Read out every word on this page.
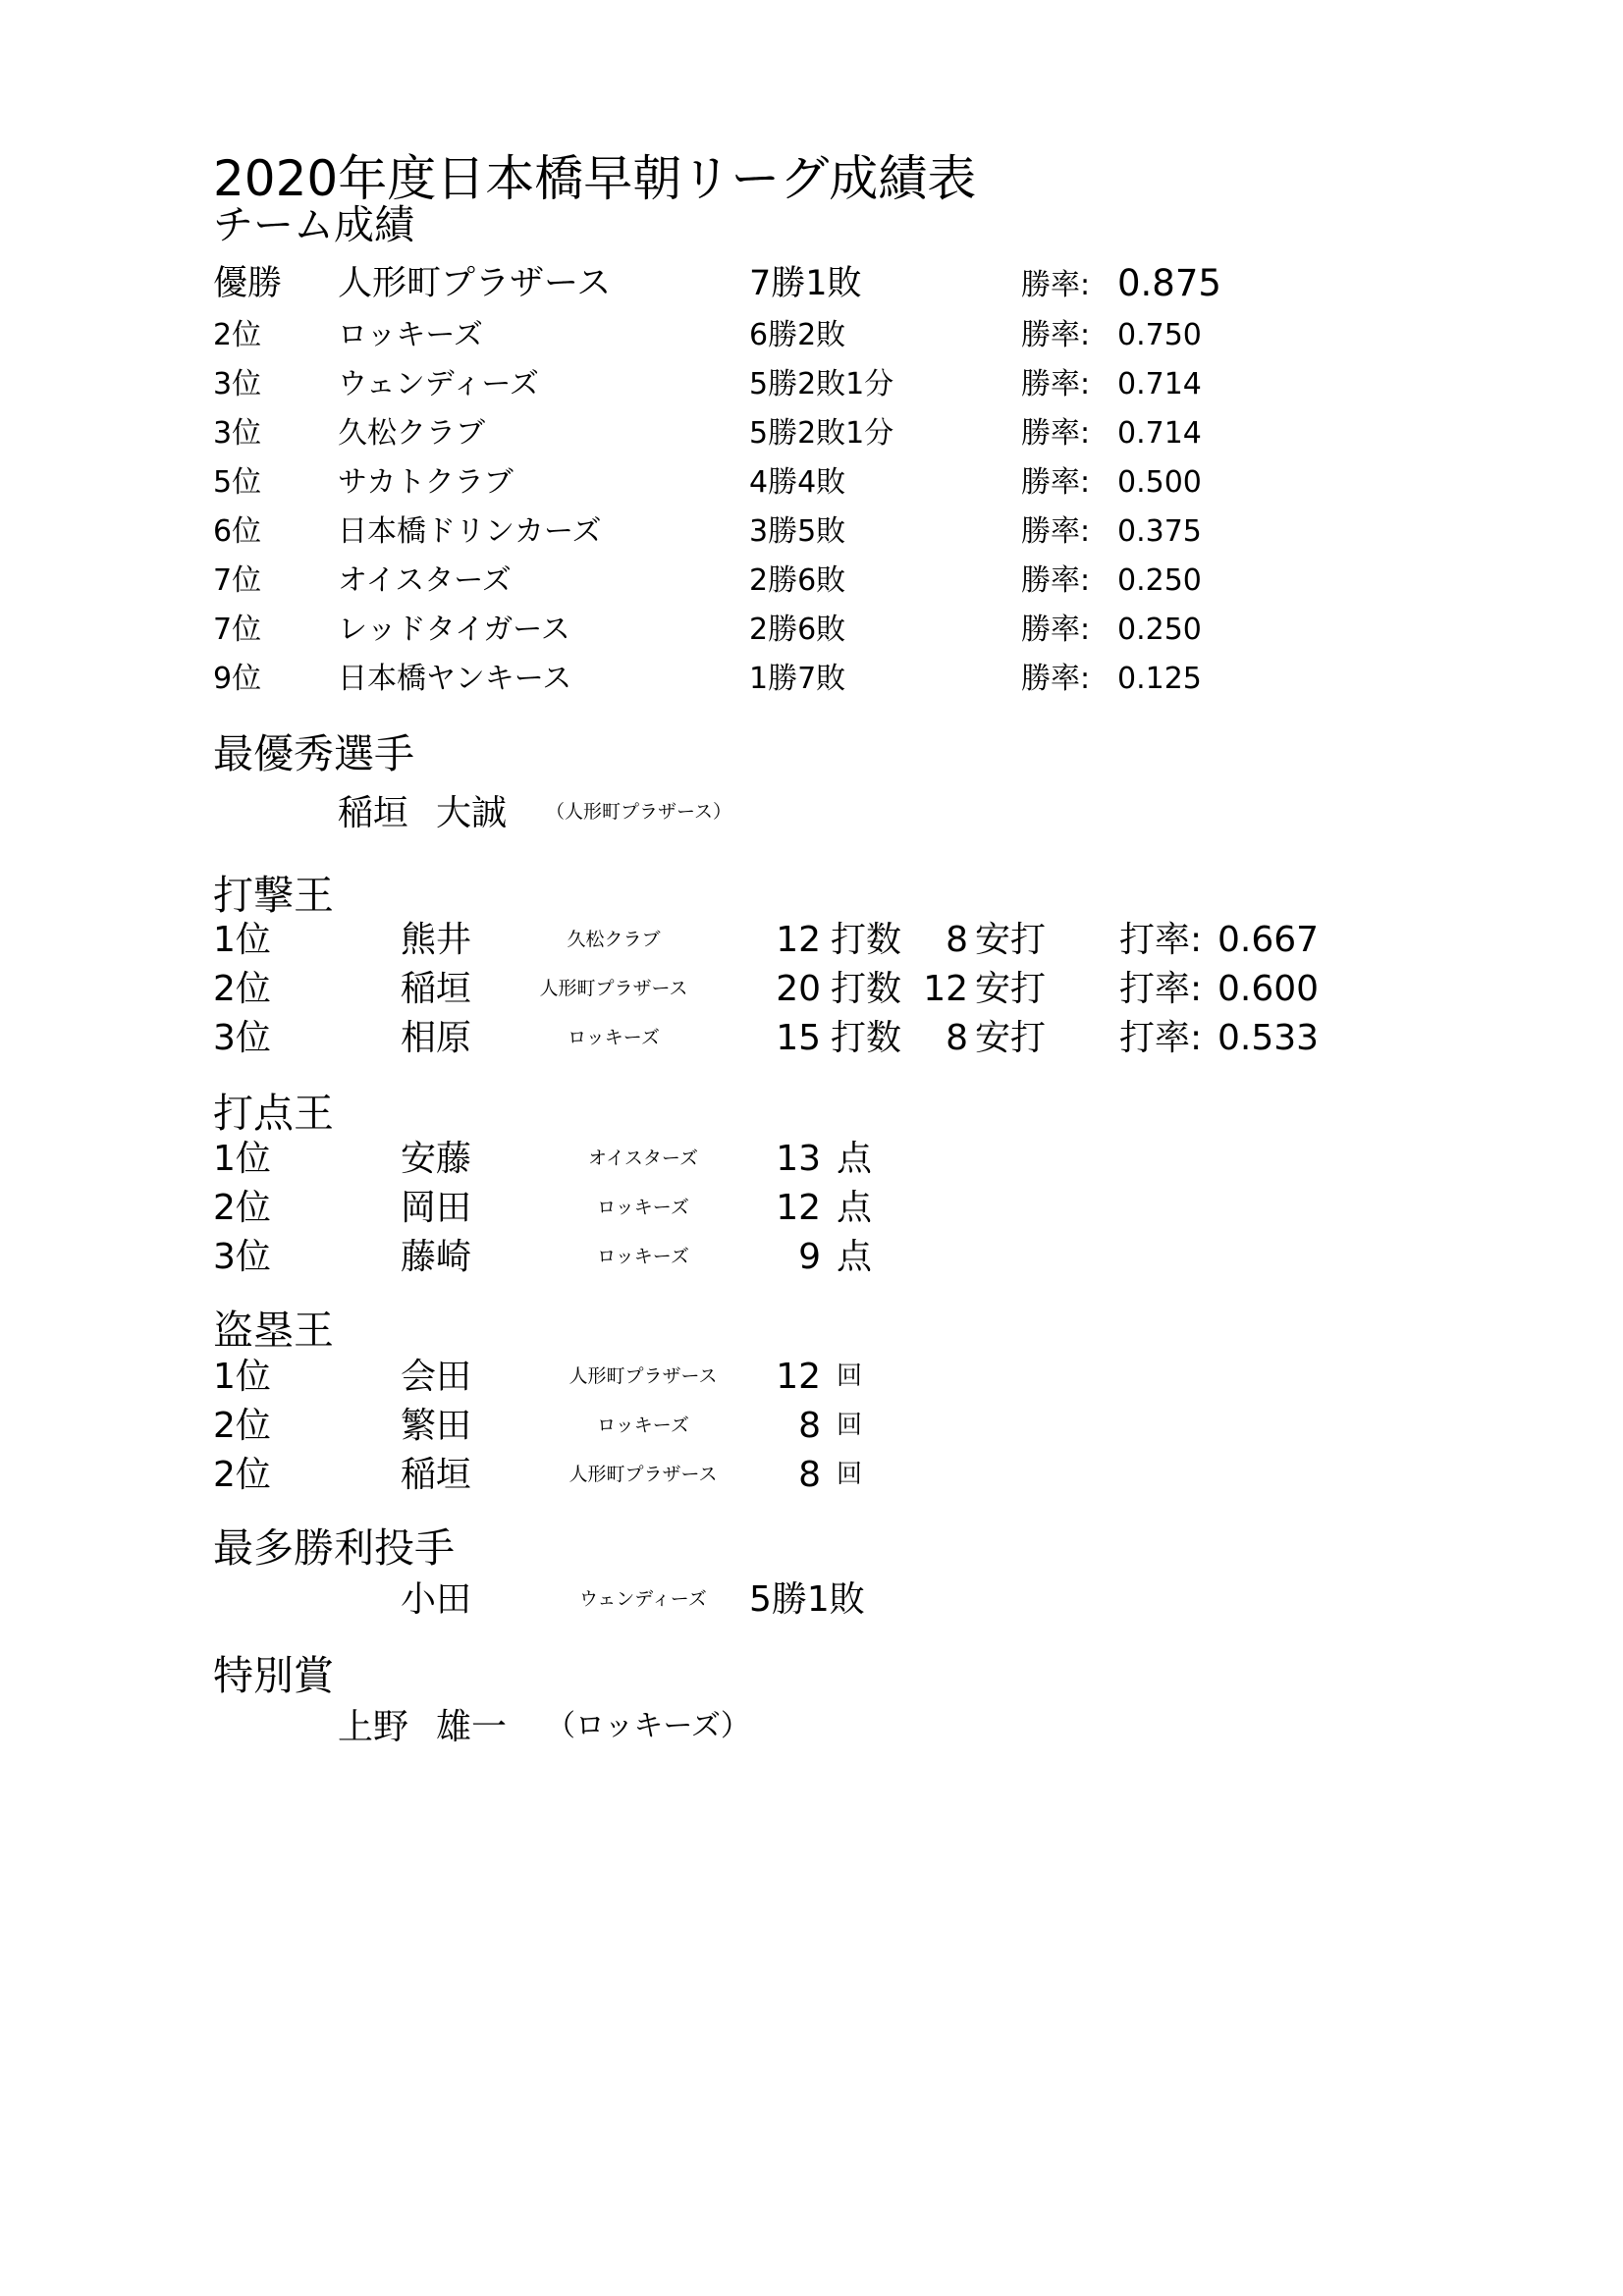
2020年度日本橋早朝リーグ成績表
チーム成績
優勝 人形町プラザース	7勝1敗	勝率: 0.875
2位	ロッキーズ	6勝2敗	勝率: 0.750
3位	ウェンディーズ	5勝2敗1分	勝率: 0.714
3位	久松クラブ	5勝2敗1分	勝率: 0.714
5位	サカトクラブ	4勝4敗	勝率: 0.500
6位	日本橋ドリンカーズ	3勝5敗	勝率: 0.375
7位	オイスターズ	2勝6敗	勝率: 0.250
7位	レッドタイガース	2勝6敗	勝率: 0.250
9位	日本橋ヤンキース	1勝7敗	勝率: 0.125
最優秀選手
稲垣 大誠 （人形町プラザース）
打撃王
1位	熊井	久松クラブ	12 打数	8 安打 打率: 0.667
2位	稲垣	人形町プラザース	20 打数 12 安打 打率: 0.600
3位	相原	ロッキーズ	15 打数	8 安打 打率: 0.533
打点王
1位	安藤	オイスターズ	13 点
2位	岡田	ロッキーズ	12 点
3位	藤崎	ロッキーズ	9 点
盗塁王
1位	会田	人形町プラザース	12 回
2位	繁田	ロッキーズ	8 回
2位	稲垣	人形町プラザース	8 回
最多勝利投手
小田	ウェンディーズ 5勝1敗
特別賞
上野 雄一 （ロッキーズ）
